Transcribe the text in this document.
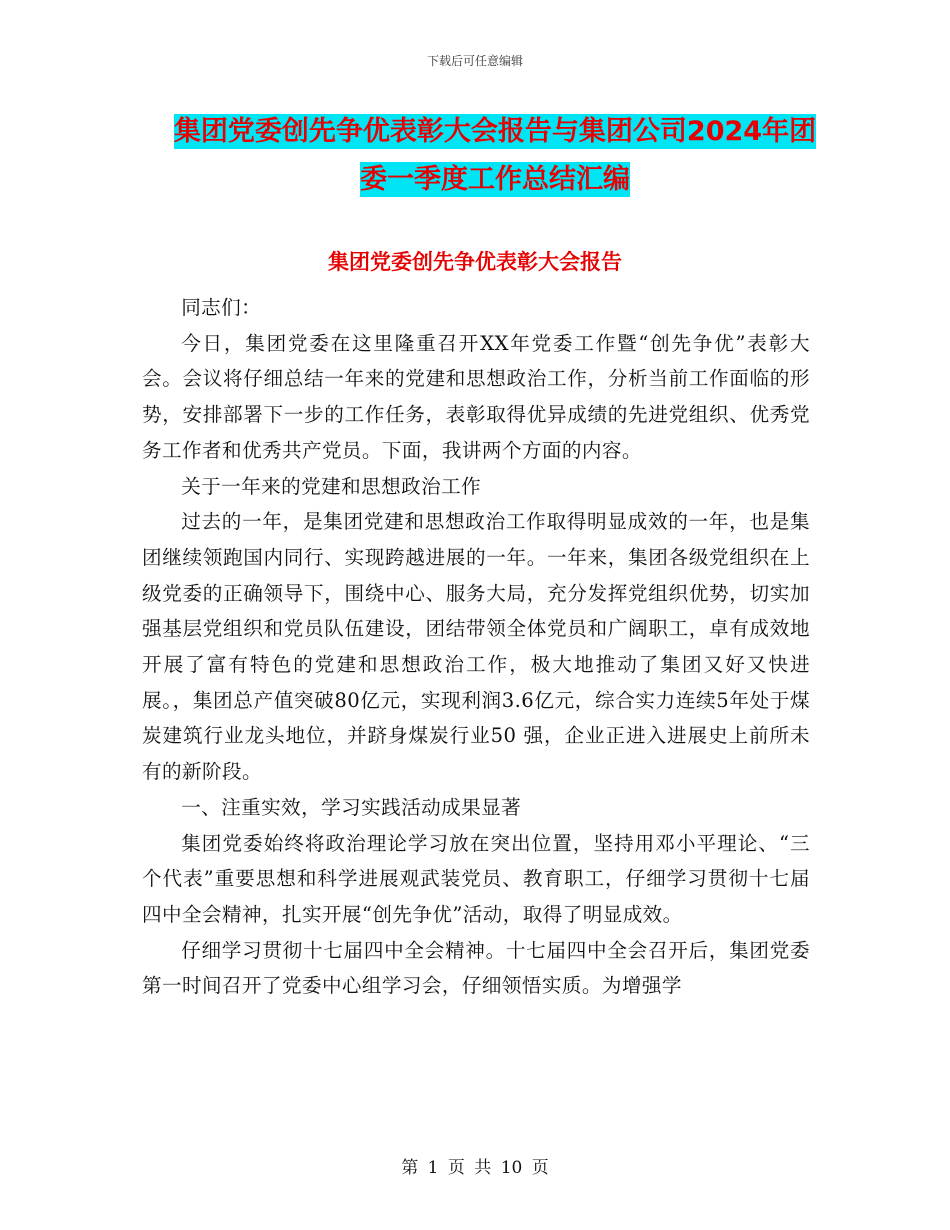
下载后可任意编辑
集团党委创先争优表彰大会报告与集团公司2024年团
委一季度工作总结汇编
集团党委创先争优表彰大会报告

同志们：

今日，集团党委在这里隆重召开XX年党委工作暨“创先争优”表彰大会。会议将仔细总结一年来的党建和思想政治工作，分析当前工作面临的形势，安排部署下一步的工作任务，表彰取得优异成绩的先进党组织、优秀党务工作者和优秀共产党员。下面，我讲两个方面的内容。

关于一年来的党建和思想政治工作

过去的一年，是集团党建和思想政治工作取得明显成效的一年，也是集团继续领跑国内同行、实现跨越进展的一年。一年来，集团各级党组织在上级党委的正确领导下，围绕中心、服务大局，充分发挥党组织优势，切实加强基层党组织和党员队伍建设，团结带领全体党员和广阔职工，卓有成效地开展了富有特色的党建和思想政治工作，极大地推动了集团又好又快进展。，集团总产值突破80亿元，实现利润3.6亿元，综合实力连续5年处于煤炭建筑行业龙头地位，并跻身煤炭行业50 强，企业正进入进展史上前所未有的新阶段。

一、注重实效，学习实践活动成果显著

集团党委始终将政治理论学习放在突出位置，坚持用邓小平理论、“三个代表”重要思想和科学进展观武装党员、教育职工，仔细学习贯彻十七届四中全会精神，扎实开展“创先争优”活动，取得了明显成效。

仔细学习贯彻十七届四中全会精神。十七届四中全会召开后，集团党委第一时间召开了党委中心组学习会，仔细领悟实质。为增强学

第 1 页 共 10 页
